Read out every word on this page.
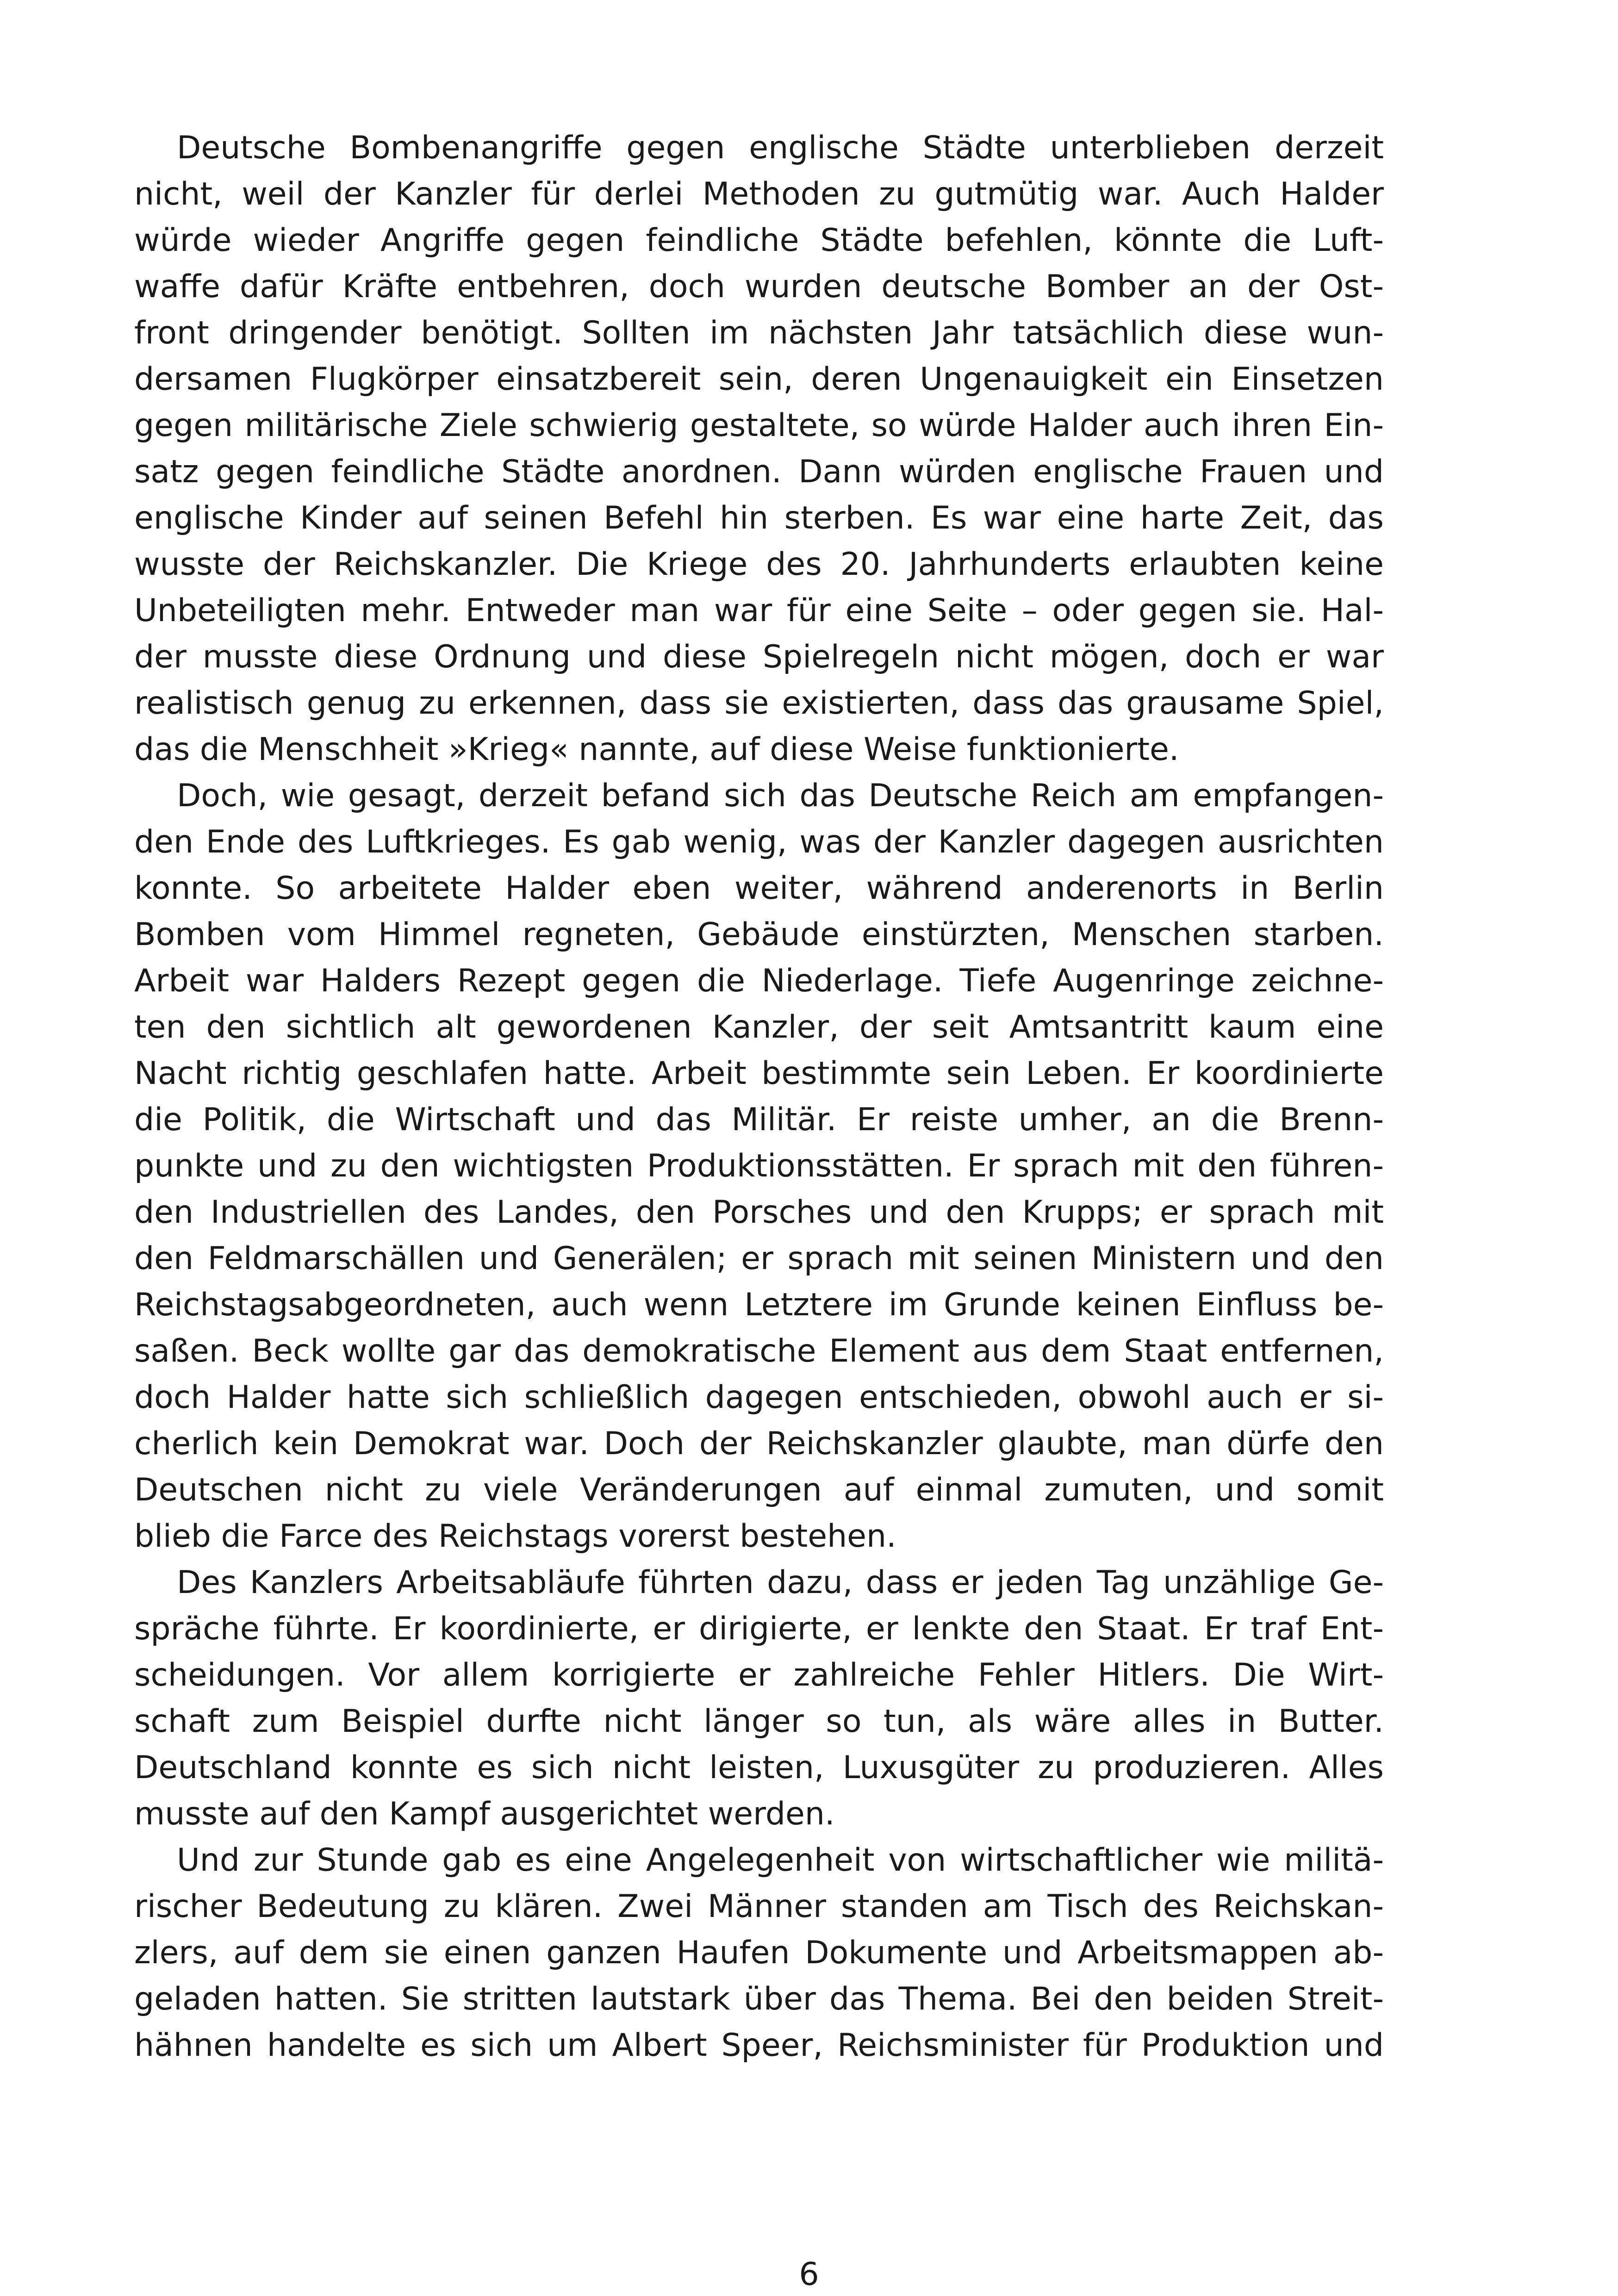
Deutsche Bombenangriffe gegen englische Städte unterblieben derzeit
nicht, weil der Kanzler für derlei Methoden zu gutmütig war. Auch Halder
würde wieder Angriffe gegen feindliche Städte befehlen, könnte die Luft-
waffe dafür Kräfte entbehren, doch wurden deutsche Bomber an der Ost-
front dringender benötigt. Sollten im nächsten Jahr tatsächlich diese wun-
dersamen Flugkörper einsatzbereit sein, deren Ungenauigkeit ein Einsetzen
gegen militärische Ziele schwierig gestaltete, so würde Halder auch ihren Ein-
satz gegen feindliche Städte anordnen. Dann würden englische Frauen und
englische Kinder auf seinen Befehl hin sterben. Es war eine harte Zeit, das
wusste der Reichskanzler. Die Kriege des 20. Jahrhunderts erlaubten keine
Unbeteiligten mehr. Entweder man war für eine Seite – oder gegen sie. Hal-
der musste diese Ordnung und diese Spielregeln nicht mögen, doch er war
realistisch genug zu erkennen, dass sie existierten, dass das grausame Spiel,
das die Menschheit »Krieg« nannte, auf diese Weise funktionierte.
Doch, wie gesagt, derzeit befand sich das Deutsche Reich am empfangen-
den Ende des Luftkrieges. Es gab wenig, was der Kanzler dagegen ausrichten
konnte. So arbeitete Halder eben weiter, während anderenorts in Berlin
Bomben vom Himmel regneten, Gebäude einstürzten, Menschen starben.
Arbeit war Halders Rezept gegen die Niederlage. Tiefe Augenringe zeichne-
ten den sichtlich alt gewordenen Kanzler, der seit Amtsantritt kaum eine
Nacht richtig geschlafen hatte. Arbeit bestimmte sein Leben. Er koordinierte
die Politik, die Wirtschaft und das Militär. Er reiste umher, an die Brenn-
punkte und zu den wichtigsten Produktionsstätten. Er sprach mit den führen-
den Industriellen des Landes, den Porsches und den Krupps; er sprach mit
den Feldmarschällen und Generälen; er sprach mit seinen Ministern und den
Reichstagsabgeordneten, auch wenn Letztere im Grunde keinen Einfluss be-
saßen. Beck wollte gar das demokratische Element aus dem Staat entfernen,
doch Halder hatte sich schließlich dagegen entschieden, obwohl auch er si-
cherlich kein Demokrat war. Doch der Reichskanzler glaubte, man dürfe den
Deutschen nicht zu viele Veränderungen auf einmal zumuten, und somit
blieb die Farce des Reichstags vorerst bestehen.
Des Kanzlers Arbeitsabläufe führten dazu, dass er jeden Tag unzählige Ge-
spräche führte. Er koordinierte, er dirigierte, er lenkte den Staat. Er traf Ent-
scheidungen. Vor allem korrigierte er zahlreiche Fehler Hitlers. Die Wirt-
schaft zum Beispiel durfte nicht länger so tun, als wäre alles in Butter.
Deutschland konnte es sich nicht leisten, Luxusgüter zu produzieren. Alles
musste auf den Kampf ausgerichtet werden.
Und zur Stunde gab es eine Angelegenheit von wirtschaftlicher wie militä-
rischer Bedeutung zu klären. Zwei Männer standen am Tisch des Reichskan-
zlers, auf dem sie einen ganzen Haufen Dokumente und Arbeitsmappen ab-
geladen hatten. Sie stritten lautstark über das Thema. Bei den beiden Streit-
hähnen handelte es sich um Albert Speer, Reichsminister für Produktion und
6
